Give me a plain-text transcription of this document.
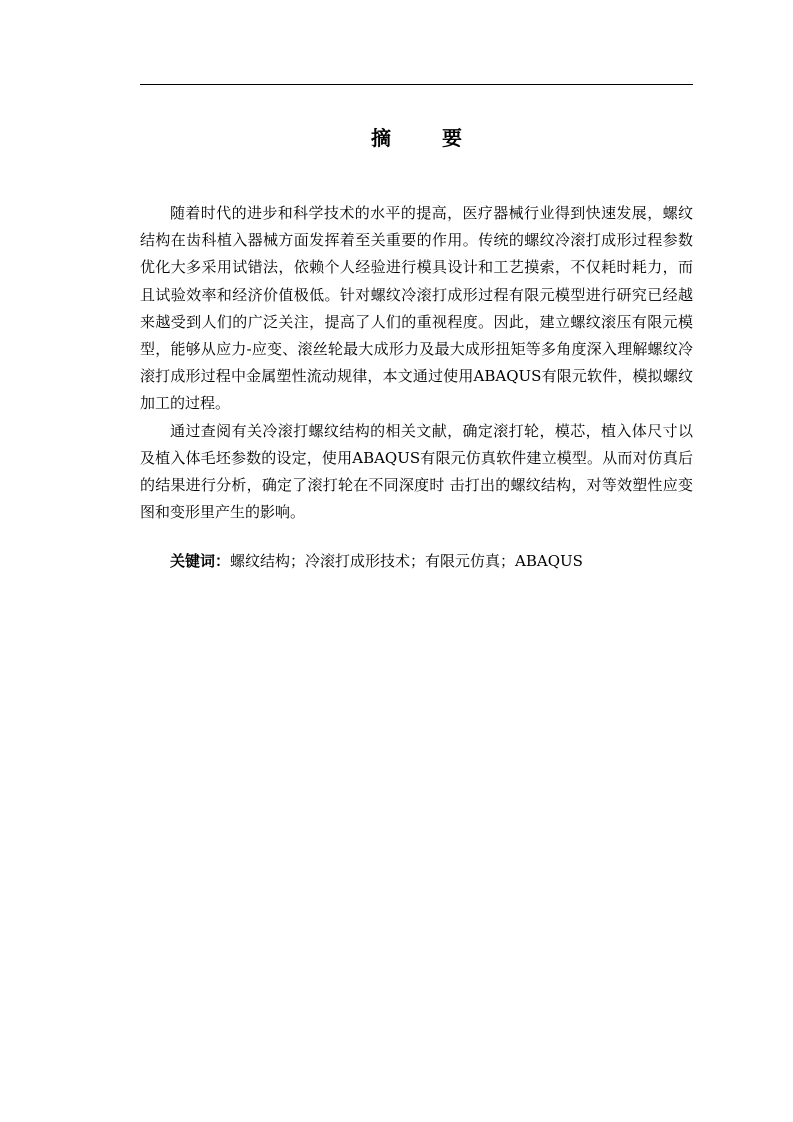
摘 要

随着时代的进步和科学技术的水平的提高，医疗器械行业得到快速发展，螺纹结构在齿科植入器械方面发挥着至关重要的作用。传统的螺纹冷滚打成形过程参数优化大多采用试错法，依赖个人经验进行模具设计和工艺摸索，不仅耗时耗力，而且试验效率和经济价值极低。针对螺纹冷滚打成形过程有限元模型进行研究已经越来越受到人们的广泛关注，提高了人们的重视程度。因此，建立螺纹滚压有限元模型，能够从应力-应变、滚丝轮最大成形力及最大成形扭矩等多角度深入理解螺纹冷滚打成形过程中金属塑性流动规律，本文通过使用ABAQUS有限元软件，模拟螺纹加工的过程。

通过查阅有关冷滚打螺纹结构的相关文献，确定滚打轮，模芯，植入体尺寸以及植入体毛坯参数的设定，使用ABAQUS有限元仿真软件建立模型。从而对仿真后的结果进行分析，确定了滚打轮在不同深度时 击打出的螺纹结构，对等效塑性应变图和变形里产生的影响。

关键词：螺纹结构；冷滚打成形技术；有限元仿真；ABAQUS
